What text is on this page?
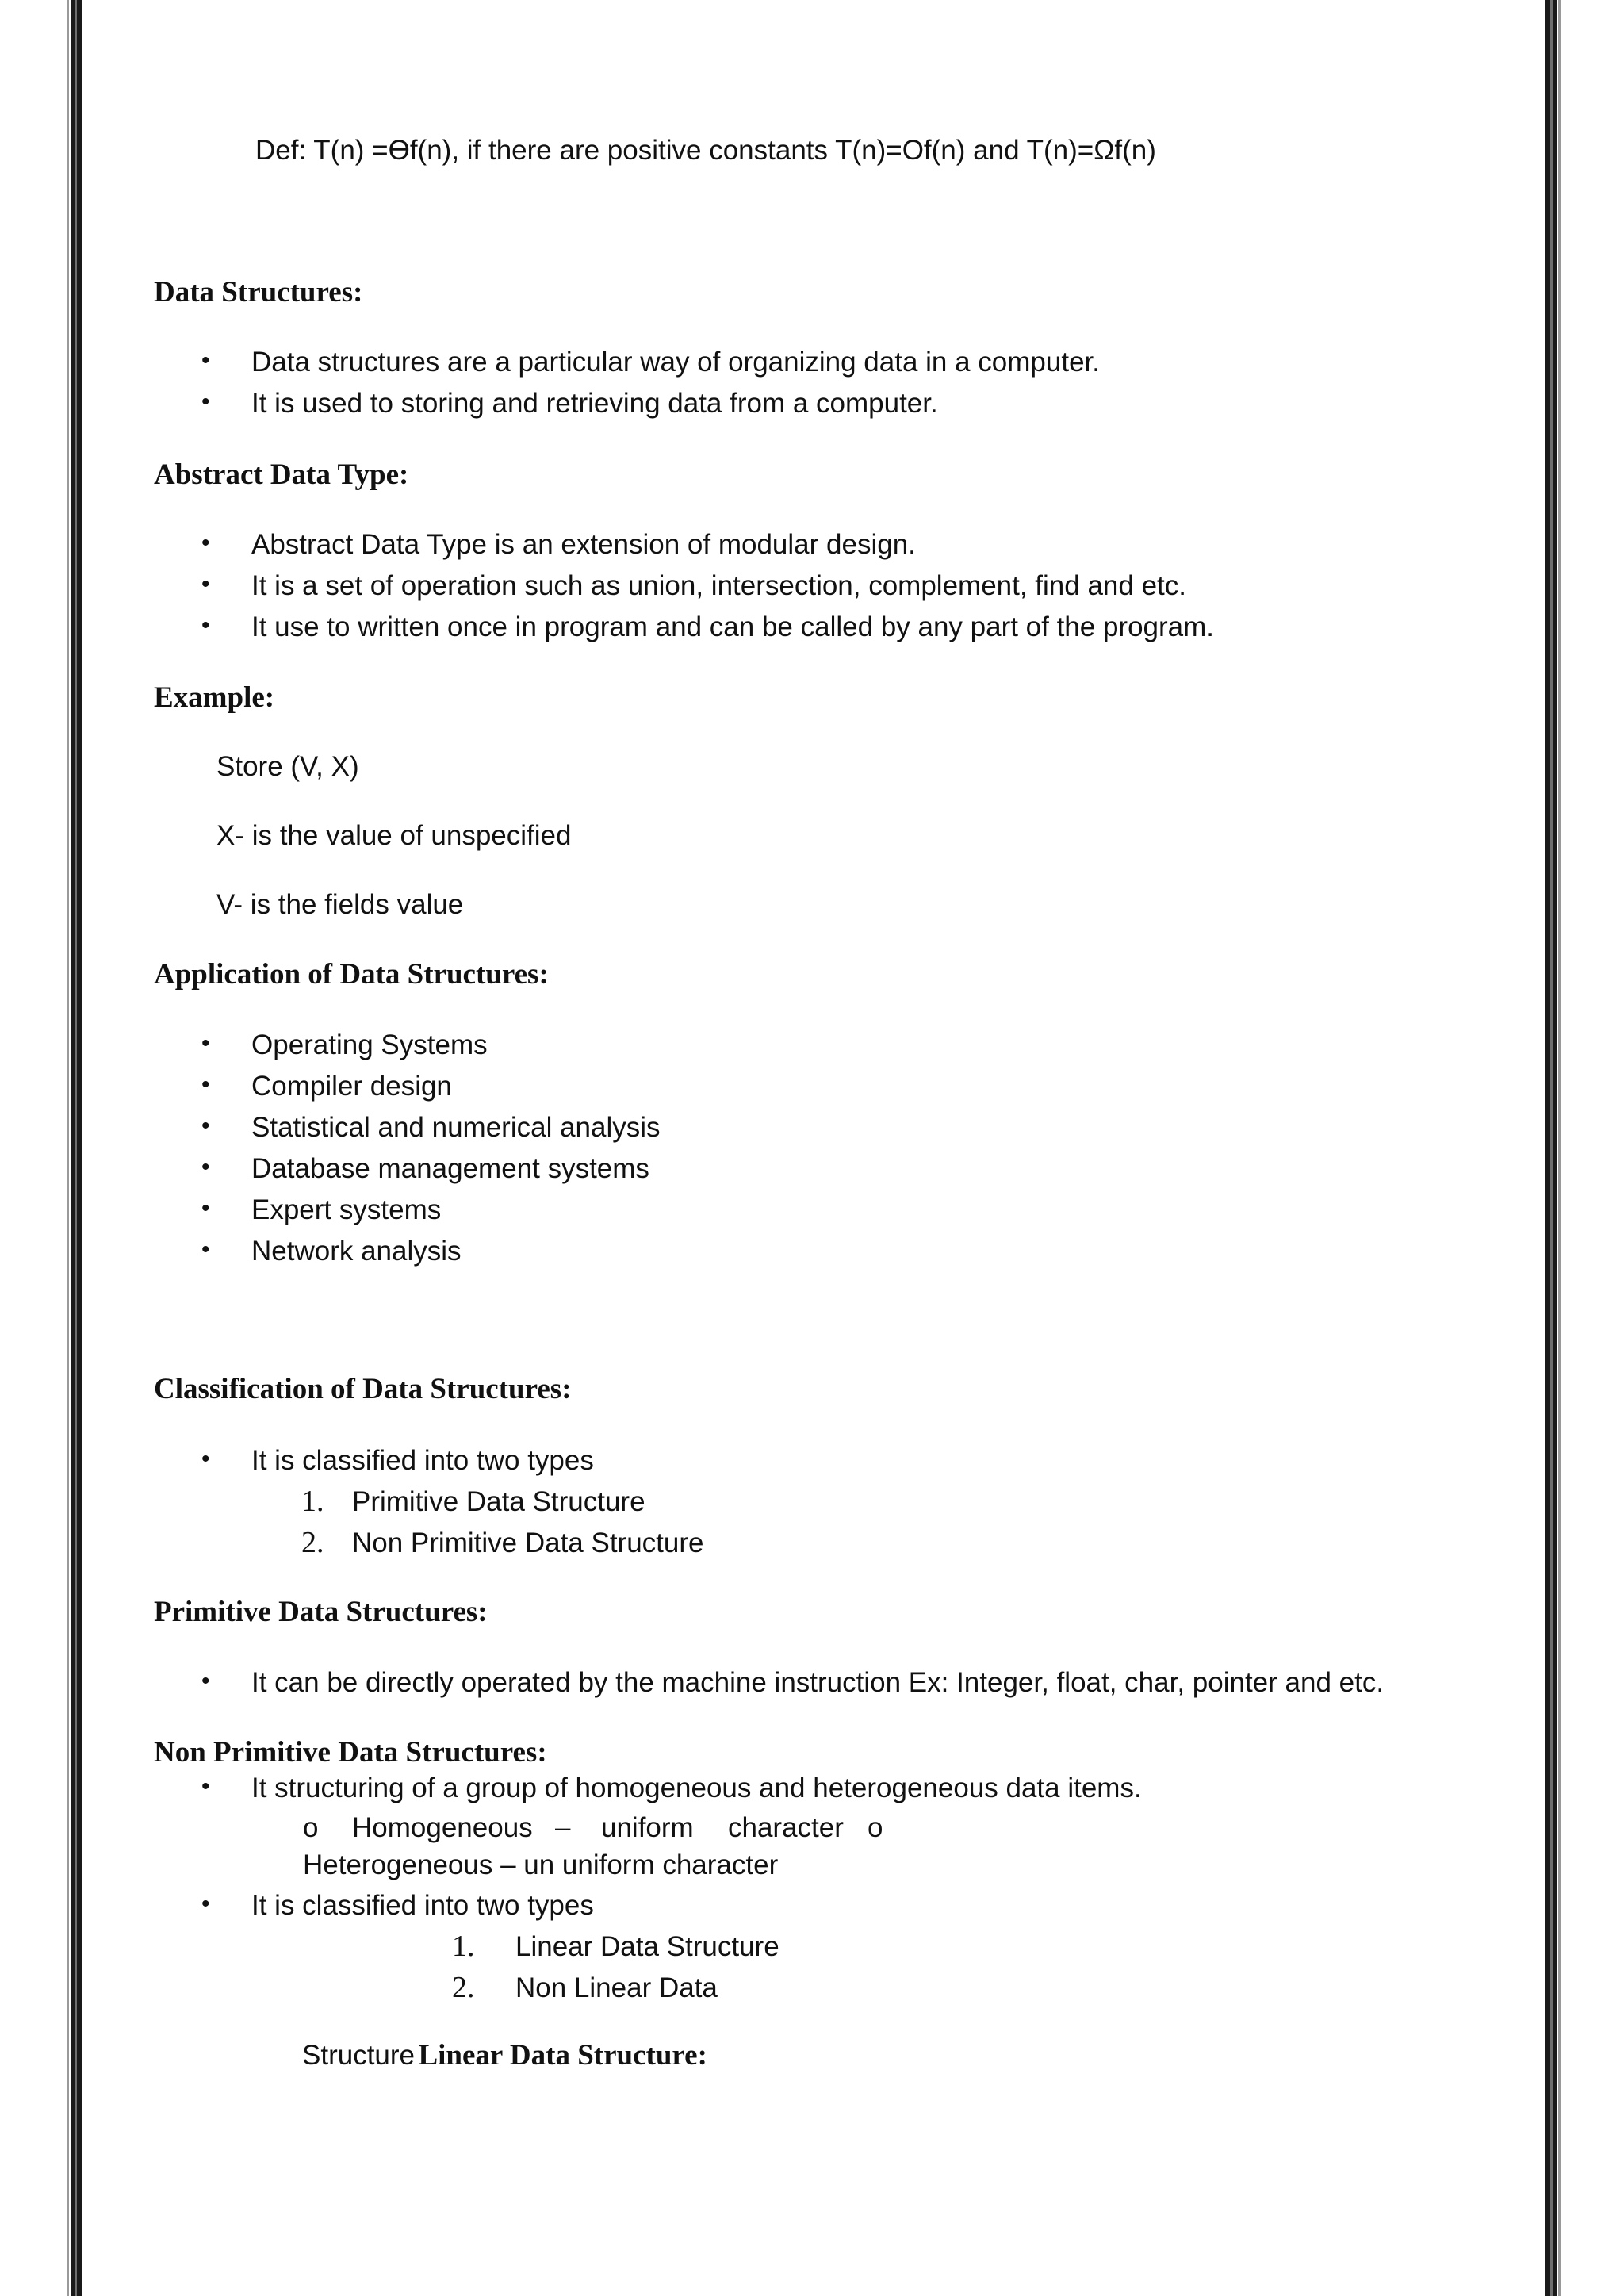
Def: T(n) =Ɵf(n), if there are positive constants T(n)=Of(n) and T(n)=Ωf(n)
Data Structures:
• Data structures are a particular way of organizing data in a computer.
• It is used to storing and retrieving data from a computer.
Abstract Data Type:
• Abstract Data Type is an extension of modular design.
• It is a set of operation such as union, intersection, complement, find and etc.
• It use to written once in program and can be called by any part of the program.
Example:
Store (V, X)
X- is the value of unspecified
V- is the fields value
Application of Data Structures:
• Operating Systems
• Compiler design
• Statistical and numerical analysis
• Database management systems
• Expert systems
• Network analysis
Classification of Data Structures:
• It is classified into two types
1. Primitive Data Structure
2. Non Primitive Data Structure
Primitive Data Structures:
• It can be directly operated by the machine instruction Ex: Integer, float, char, pointer and etc.
Non Primitive Data Structures:
• It structuring of a group of homogeneous and heterogeneous data items.
o Homogeneous – uniform character o
Heterogeneous – un uniform character
• It is classified into two types
1. Linear Data Structure
2. Non Linear Data
Structure Linear Data Structure:
